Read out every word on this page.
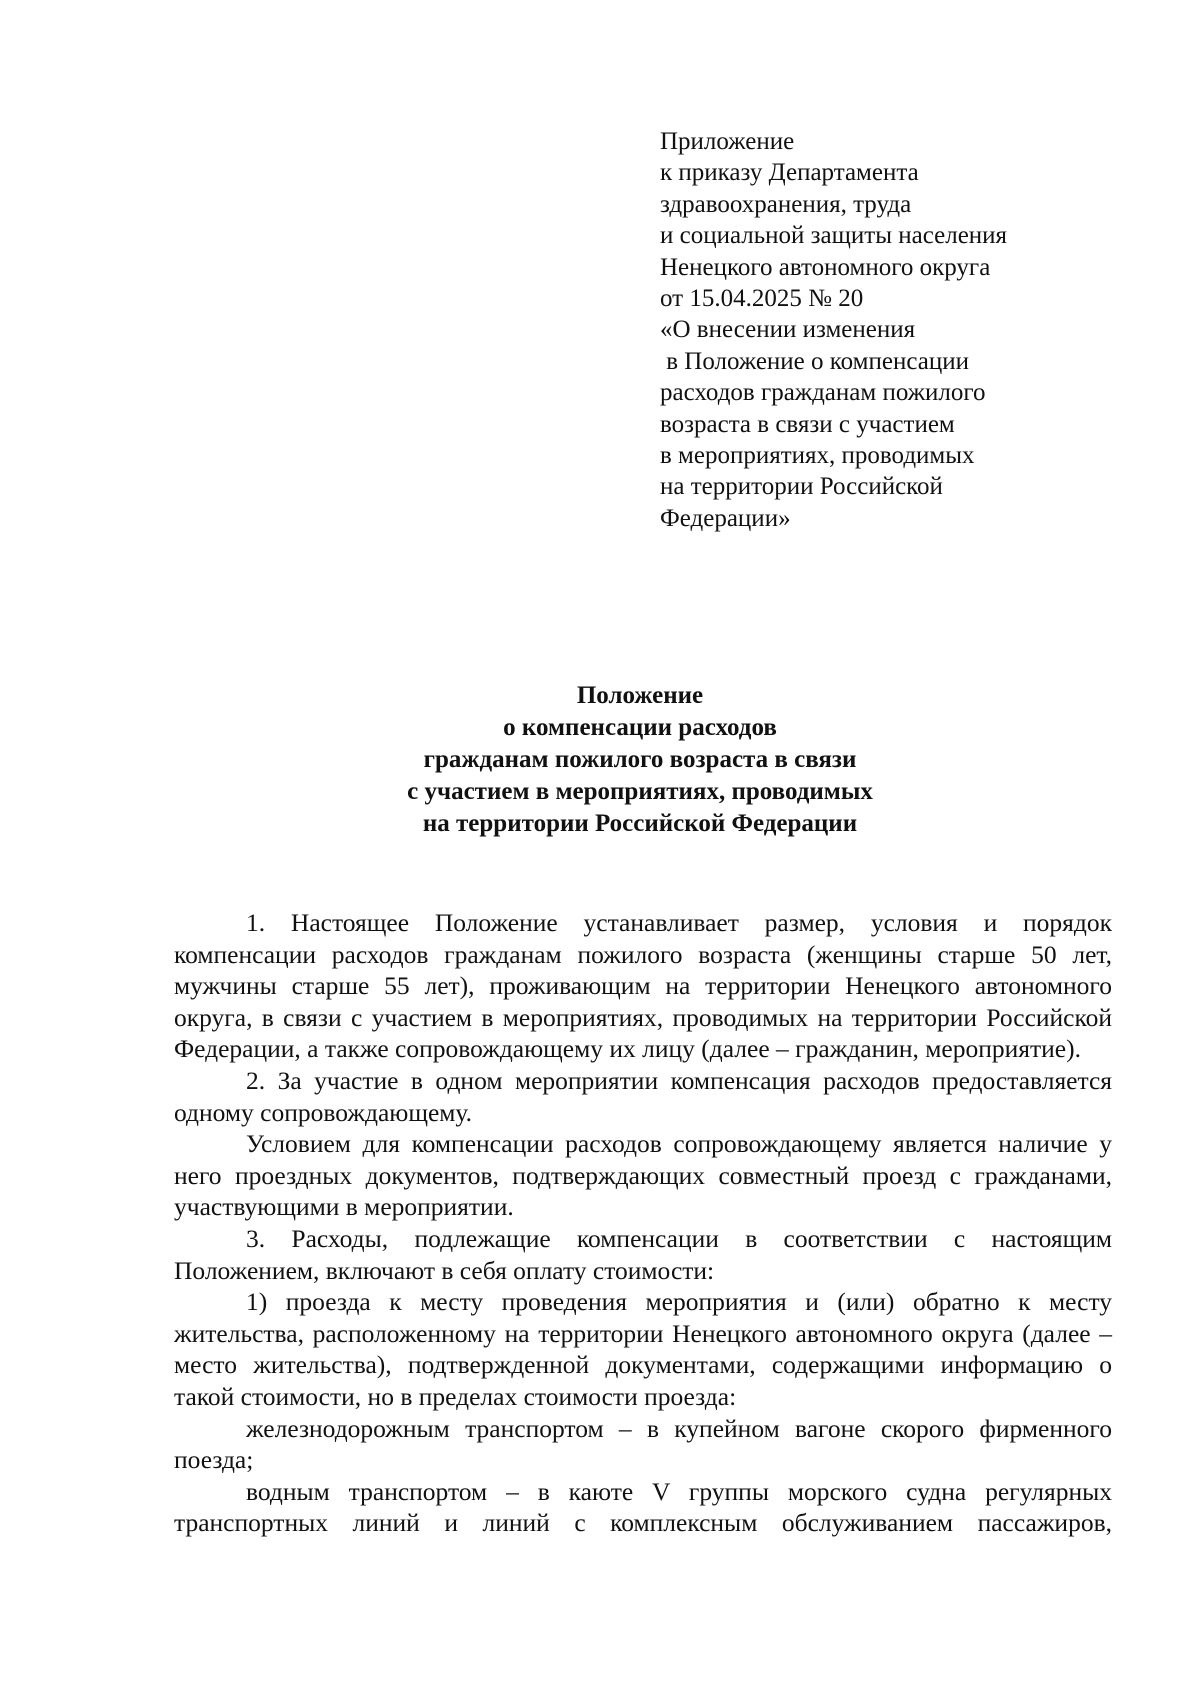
Приложение
к приказу Департамента
здравоохранения, труда
и социальной защиты населения
Ненецкого автономного округа
от 15.04.2025 № 20
«О внесении изменения
в Положение о компенсации
расходов гражданам пожилого
возраста в связи с участием
в мероприятиях, проводимых
на территории Российской
Федерации»
Положение
о компенсации расходов
гражданам пожилого возраста в связи
с участием в мероприятиях, проводимых
на территории Российской Федерации

1. Настоящее Положение устанавливает размер, условия и порядок компенсации расходов гражданам пожилого возраста (женщины старше 50 лет, мужчины старше 55 лет), проживающим на территории Ненецкого автономного округа, в связи с участием в мероприятиях, проводимых на территории Российской Федерации, а также сопровождающему их лицу (далее – гражданин, мероприятие).

2. За участие в одном мероприятии компенсация расходов предоставляется одному сопровождающему.

Условием для компенсации расходов сопровождающему является наличие у него проездных документов, подтверждающих совместный проезд с гражданами, участвующими в мероприятии.

3. Расходы, подлежащие компенсации в соответствии с настоящим Положением, включают в себя оплату стоимости:

1) проезда к месту проведения мероприятия и (или) обратно к месту жительства, расположенному на территории Ненецкого автономного округа (далее – место жительства), подтвержденной документами, содержащими информацию о такой стоимости, но в пределах стоимости проезда:

железнодорожным транспортом – в купейном вагоне скорого фирменного поезда;

водным транспортом – в каюте V группы морского судна регулярных транспортных линий и линий с комплексным обслуживанием пассажиров,
